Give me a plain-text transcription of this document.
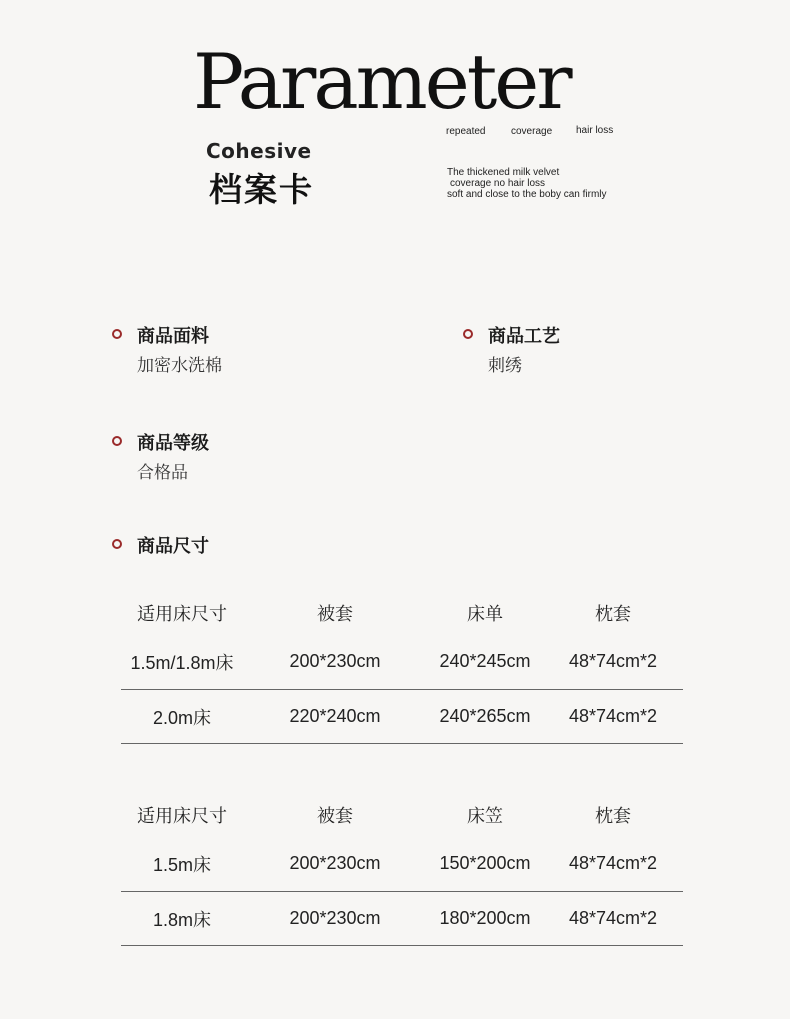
Parameter
Cohesive
档案卡
repeated	coverage hair loss
The thickened milk velvet
coverage no hair loss
soft and close to the boby can firmly
商品面料
加密水洗棉
商品工艺
刺绣
商品等级
合格品
商品尺寸
适用床尺寸	被套	床单	枕套
1.5m/1.8m床	200*230cm	240*245cm	48*74cm*2
2.0m床	220*240cm	240*265cm	48*74cm*2
适用床尺寸	被套	床笠	枕套
1.5m床	200*230cm	150*200cm	48*74cm*2
1.8m床	200*230cm	180*200cm	48*74cm*2
